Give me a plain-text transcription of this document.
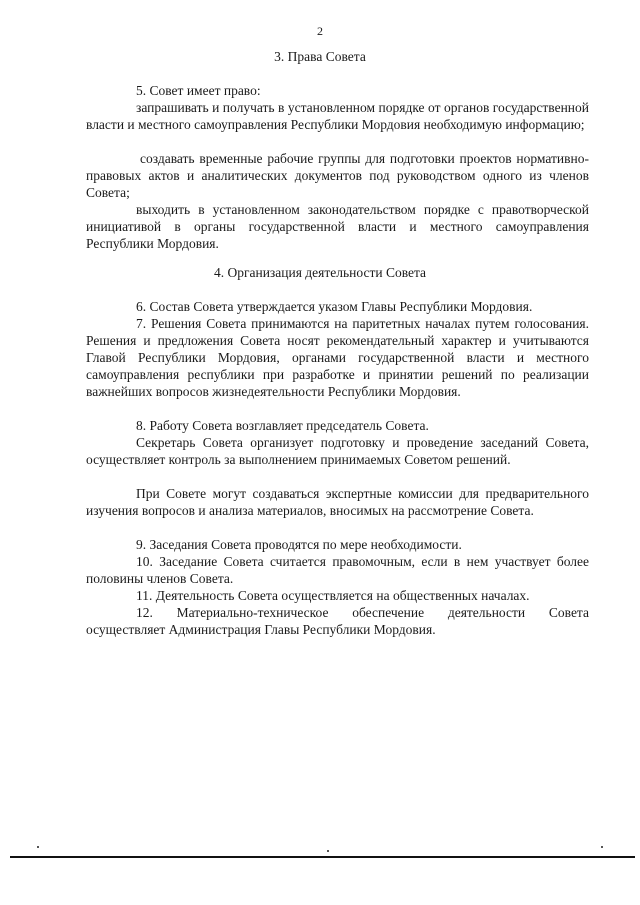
2
3. Права Совета

5. Совет имеет право:

запрашивать и получать в установленном порядке от органов государственной власти и местного самоуправления Республики Мордовия необходимую информацию;

создавать временные рабочие группы для подготовки проектов нормативно-правовых актов и аналитических документов под руководством одного из членов Совета;

выходить в установленном законодательством порядке с правотворческой инициативой в органы государственной власти и местного самоуправления Республики Мордовия.

4. Организация деятельности Совета

6. Состав Совета утверждается указом Главы Республики Мордовия.

7. Решения Совета принимаются на паритетных началах путем голосования. Решения и предложения Совета носят рекомендательный характер и учитываются Главой Республики Мордовия, органами государственной власти и местного самоуправления республики при разработке и принятии решений по реализации важнейших вопросов жизнедеятельности Республики Мордовия.

8. Работу Совета возглавляет председатель Совета.

Секретарь Совета организует подготовку и проведение заседаний Совета, осуществляет контроль за выполнением принимаемых Советом решений.

При Совете могут создаваться экспертные комиссии для предварительного изучения вопросов и анализа материалов, вносимых на рассмотрение Совета.

9. Заседания Совета проводятся по мере необходимости.

10. Заседание Совета считается правомочным, если в нем участвует более половины членов Совета.

11. Деятельность Совета осуществляется на общественных началах.

12. Материально-техническое обеспечение деятельности Совета осуществляет Администрация Главы Республики Мордовия.
